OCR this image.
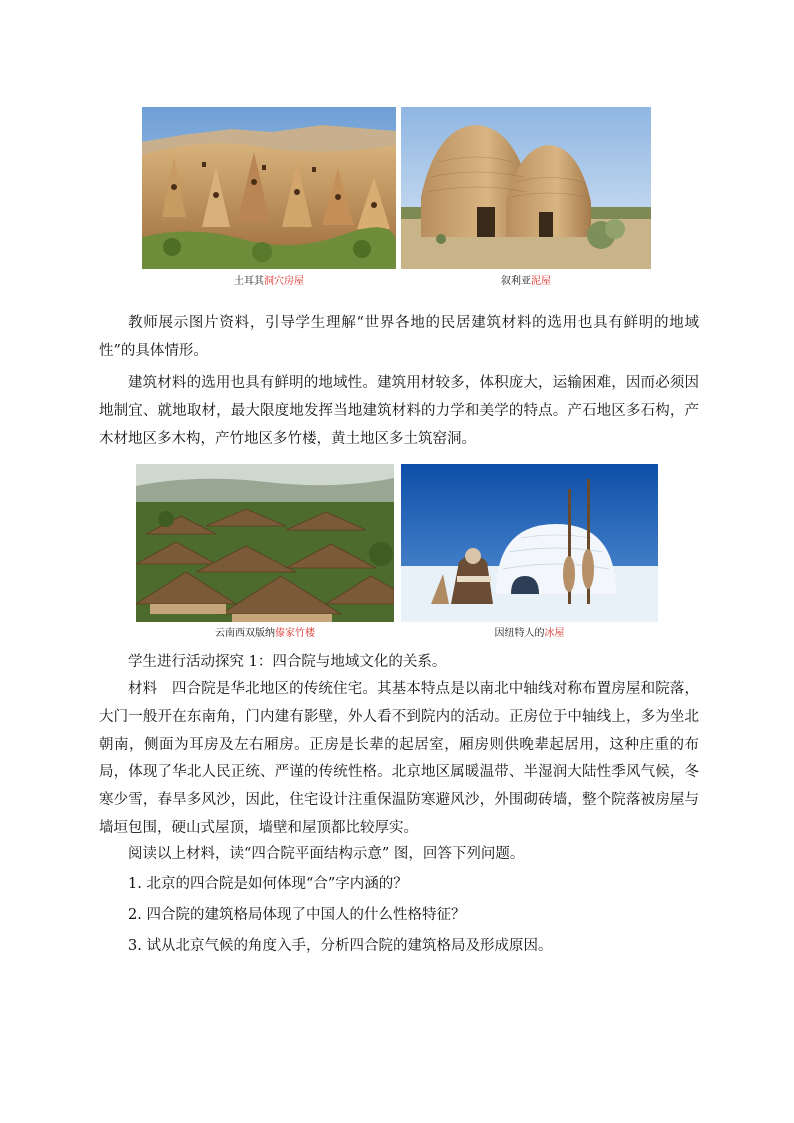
土耳其洞穴房屋	叙利亚泥屋

教师展示图片资料，引导学生理解“世界各地的民居建筑材料的选用也具有鲜明的地域性”的具体情形。

建筑材料的选用也具有鲜明的地域性。建筑用材较多，体积庞大，运输困难，因而必须因地制宜、就地取材，最大限度地发挥当地建筑材料的力学和美学的特点。产石地区多石构，产木材地区多木构，产竹地区多竹楼，黄土地区多土筑窑洞。

云南西双版纳傣家竹楼	因纽特人的冰屋
学生进行活动探究 1：四合院与地域文化的关系。

材料　 四合院是华北地区的传统住宅。其基本特点是以南北中轴线对称布置房屋和院落，大门一般开在东南角，门内建有影壁，外人看不到院内的活动。正房位于中轴线上，多为坐北朝南，侧面为耳房及左右厢房。正房是长辈的起居室，厢房则供晚辈起居用，这种庄重的布局，体现了华北人民正统、严谨的传统性格。北京地区属暖温带、半湿润大陆性季风气候，冬寒少雪，春旱多风沙，因此，住宅设计注重保温防寒避风沙，外围砌砖墙，整个院落被房屋与墙垣包围，硬山式屋顶，墙壁和屋顶都比较厚实。

阅读以上材料，读“四合院平面结构示意” 图，回答下列问题。
1. 北京的四合院是如何体现“合”字内涵的？
2. 四合院的建筑格局体现了中国人的什么性格特征？
3. 试从北京气候的角度入手，分析四合院的建筑格局及形成原因。
